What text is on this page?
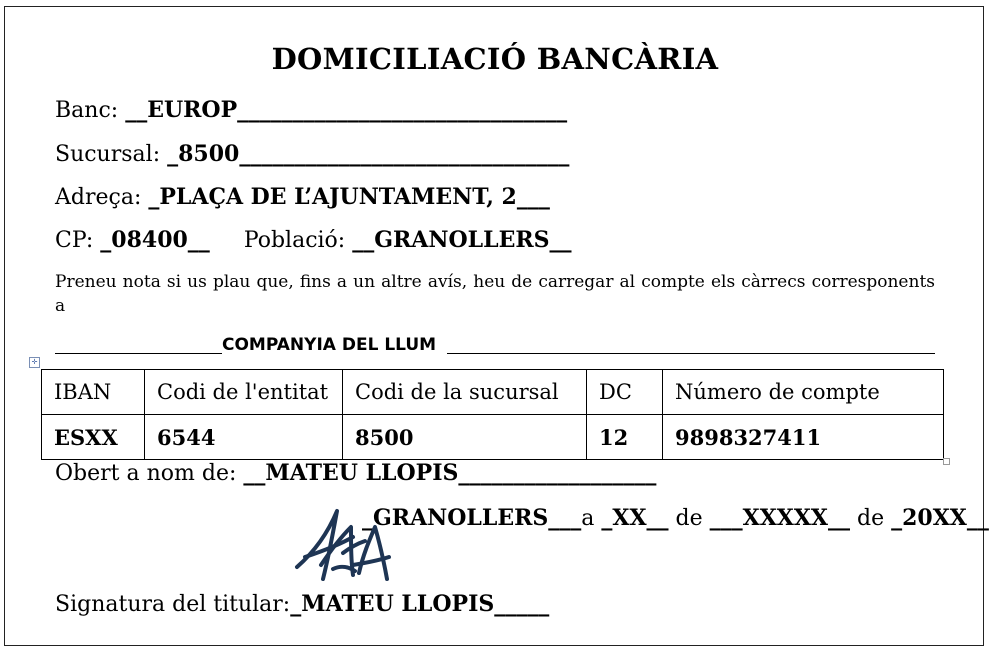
DOMICILIACIÓ BANCÀRIA
Banc: __EUROP______________________________
Sucursal: _8500______________________________
Adreça: _PLAÇA DE L’AJUNTAMENT, 2___
CP: _08400__ Població: __GRANOLLERS__
Preneu nota si us plau que, fins a un altre avís, heu de carregar al compte els càrrecs corresponents a
COMPANYIA DEL LLUM
✛
IBAN	Codi de l'entitat	Codi de la sucursal	DC	Número de compte
ESXX	6544	8500	12	9898327411
Obert a nom de: __MATEU LLOPIS__________________
_GRANOLLERS___a _XX__ de ___XXXXX__ de _20XX__
Signatura del titular:_MATEU LLOPIS_____
